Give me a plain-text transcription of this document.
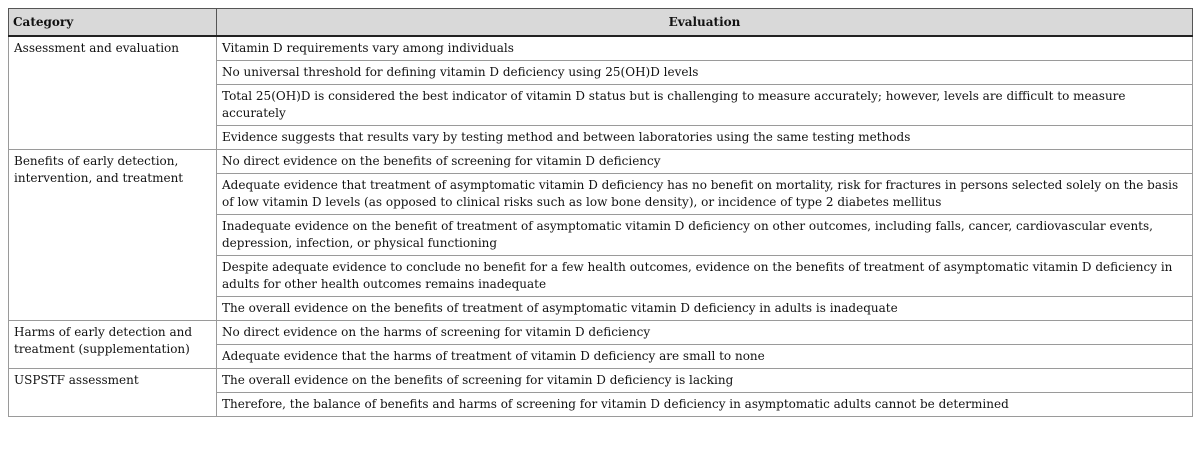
Category	Evaluation
Assessment and evaluation	Vitamin D requirements vary among individuals
	No universal threshold for defining vitamin D deficiency using 25(OH)D levels
	Total 25(OH)D is considered the best indicator of vitamin D status but is challenging to measure accurately; however, levels are difficult to measure accurately
	Evidence suggests that results vary by testing method and between laboratories using the same testing methods
Benefits of early detection, intervention, and treatment	No direct evidence on the benefits of screening for vitamin D deficiency
	Adequate evidence that treatment of asymptomatic vitamin D deficiency has no benefit on mortality, risk for fractures in persons selected solely on the basis of low vitamin D levels (as opposed to clinical risks such as low bone density), or incidence of type 2 diabetes mellitus
	Inadequate evidence on the benefit of treatment of asymptomatic vitamin D deficiency on other outcomes, including falls, cancer, cardiovascular events, depression, infection, or physical functioning
	Despite adequate evidence to conclude no benefit for a few health outcomes, evidence on the benefits of treatment of asymptomatic vitamin D deficiency in adults for other health outcomes remains inadequate
	The overall evidence on the benefits of treatment of asymptomatic vitamin D deficiency in adults is inadequate
Harms of early detection and treatment (supplementation)	No direct evidence on the harms of screening for vitamin D deficiency
	Adequate evidence that the harms of treatment of vitamin D deficiency are small to none
USPSTF assessment	The overall evidence on the benefits of screening for vitamin D deficiency is lacking
	Therefore, the balance of benefits and harms of screening for vitamin D deficiency in asymptomatic adults cannot be determined
